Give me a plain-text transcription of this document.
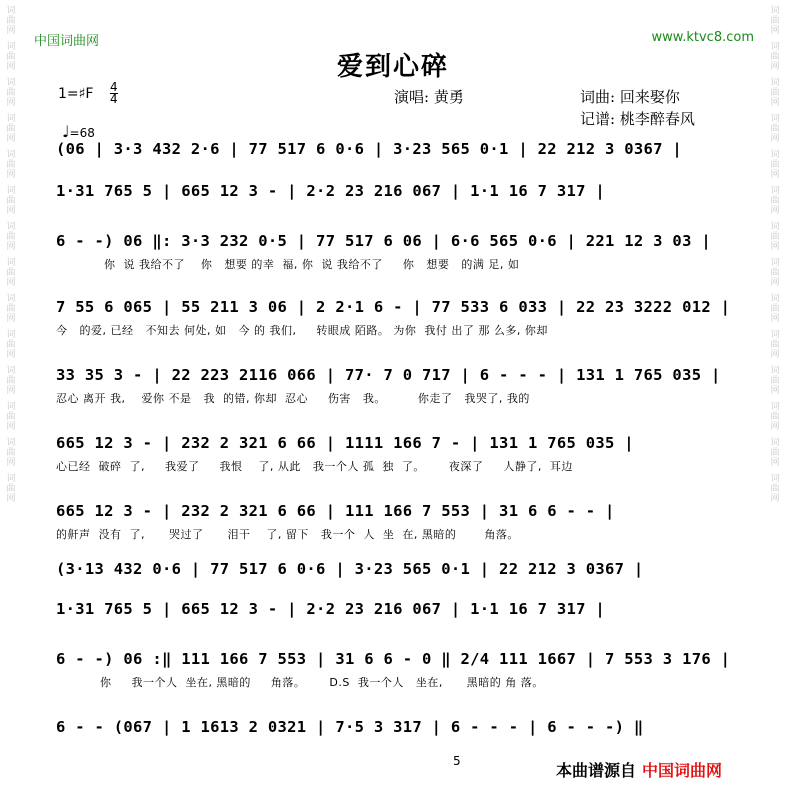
词
曲
网
词
曲
网
词
曲
网
词
曲
网
词
曲
网
词
曲
网
词
曲
网
词
曲
网
词
曲
网
词
曲
网
词
曲
网
词
曲
网
词
曲
网
词
曲
网
词
曲
网
词
曲
网
词
曲
网
词
曲
网
词
曲
网
词
曲
网
词
曲
网
词
曲
网
词
曲
网
词
曲
网
词
曲
网
词
曲
网
词
曲
网
词
曲
网
中国词曲网	www.ktvc8.com
爱到心碎
1=♯F $\frac{4}{4}$	演唱: 黄勇	词曲: 回来娶你
记谱: 桃李醉春风
♩=68
(06 | 3·3 432 2·6 | 77 517 6 0·6 | 3·23 565 0·1 | 22 212 3 0367 |
1·31 765 5 | 665 12 3 - | 2·2 23 216 067 | 1·1 16 7 317 |
6 - -) 06 ‖: 3·3 232 0·5 | 77 517 6 06 | 6·6 565 0·6 | 221 12 3 03 |
你  说 我给不了    你   想要 的幸  福, 你  说 我给不了     你   想要   的满 足, 如
7 55 6 065 | 55 211 3 06 | 2 2·1 6 - | 77 533 6 033 | 22 23 3222 012 |
今   的爱, 已经   不知去 何处, 如   今 的 我们,     转眼成 陌路。 为你  我付 出了 那 么多, 你却
33 35 3 - | 22 223 2116 066 | 77· 7 0 717 | 6 - - - | 131 1 765 035 |
忍心 离开 我,    爱你 不是   我  的错, 你却  忍心     伤害   我。        你走了   我哭了, 我的
665 12 3 - | 232 2 321 6 66 | 1111 166 7 - | 131 1 765 035 |
心已经  破碎  了,     我爱了     我恨    了, 从此   我一个人 孤  独  了。      夜深了     人静了,  耳边
665 12 3 - | 232 2 321 6 66 | 111 166 7 553 | 31 6 6 - - |
的鼾声  没有  了,      哭过了      泪干    了, 留下   我一个  人  坐  在, 黑暗的       角落。
(3·13 432 0·6 | 77 517 6 0·6 | 3·23 565 0·1 | 22 212 3 0367 |
1·31 765 5 | 665 12 3 - | 2·2 23 216 067 | 1·1 16 7 317 |
6 - -) 06 :‖ 111 166 7 553 | 31 6 6 - 0 ‖ 2/4 111 1667 | 7 553 3 176 |
你     我一个人  坐在, 黑暗的     角落。      D.S  我一个人   坐在,      黑暗的 角 落。
6 - - (067 | 1 1613 2 0321 | 7·5 3 317 | 6 - - - | 6 - - -) ‖
5	本曲谱源自 中国词曲网
